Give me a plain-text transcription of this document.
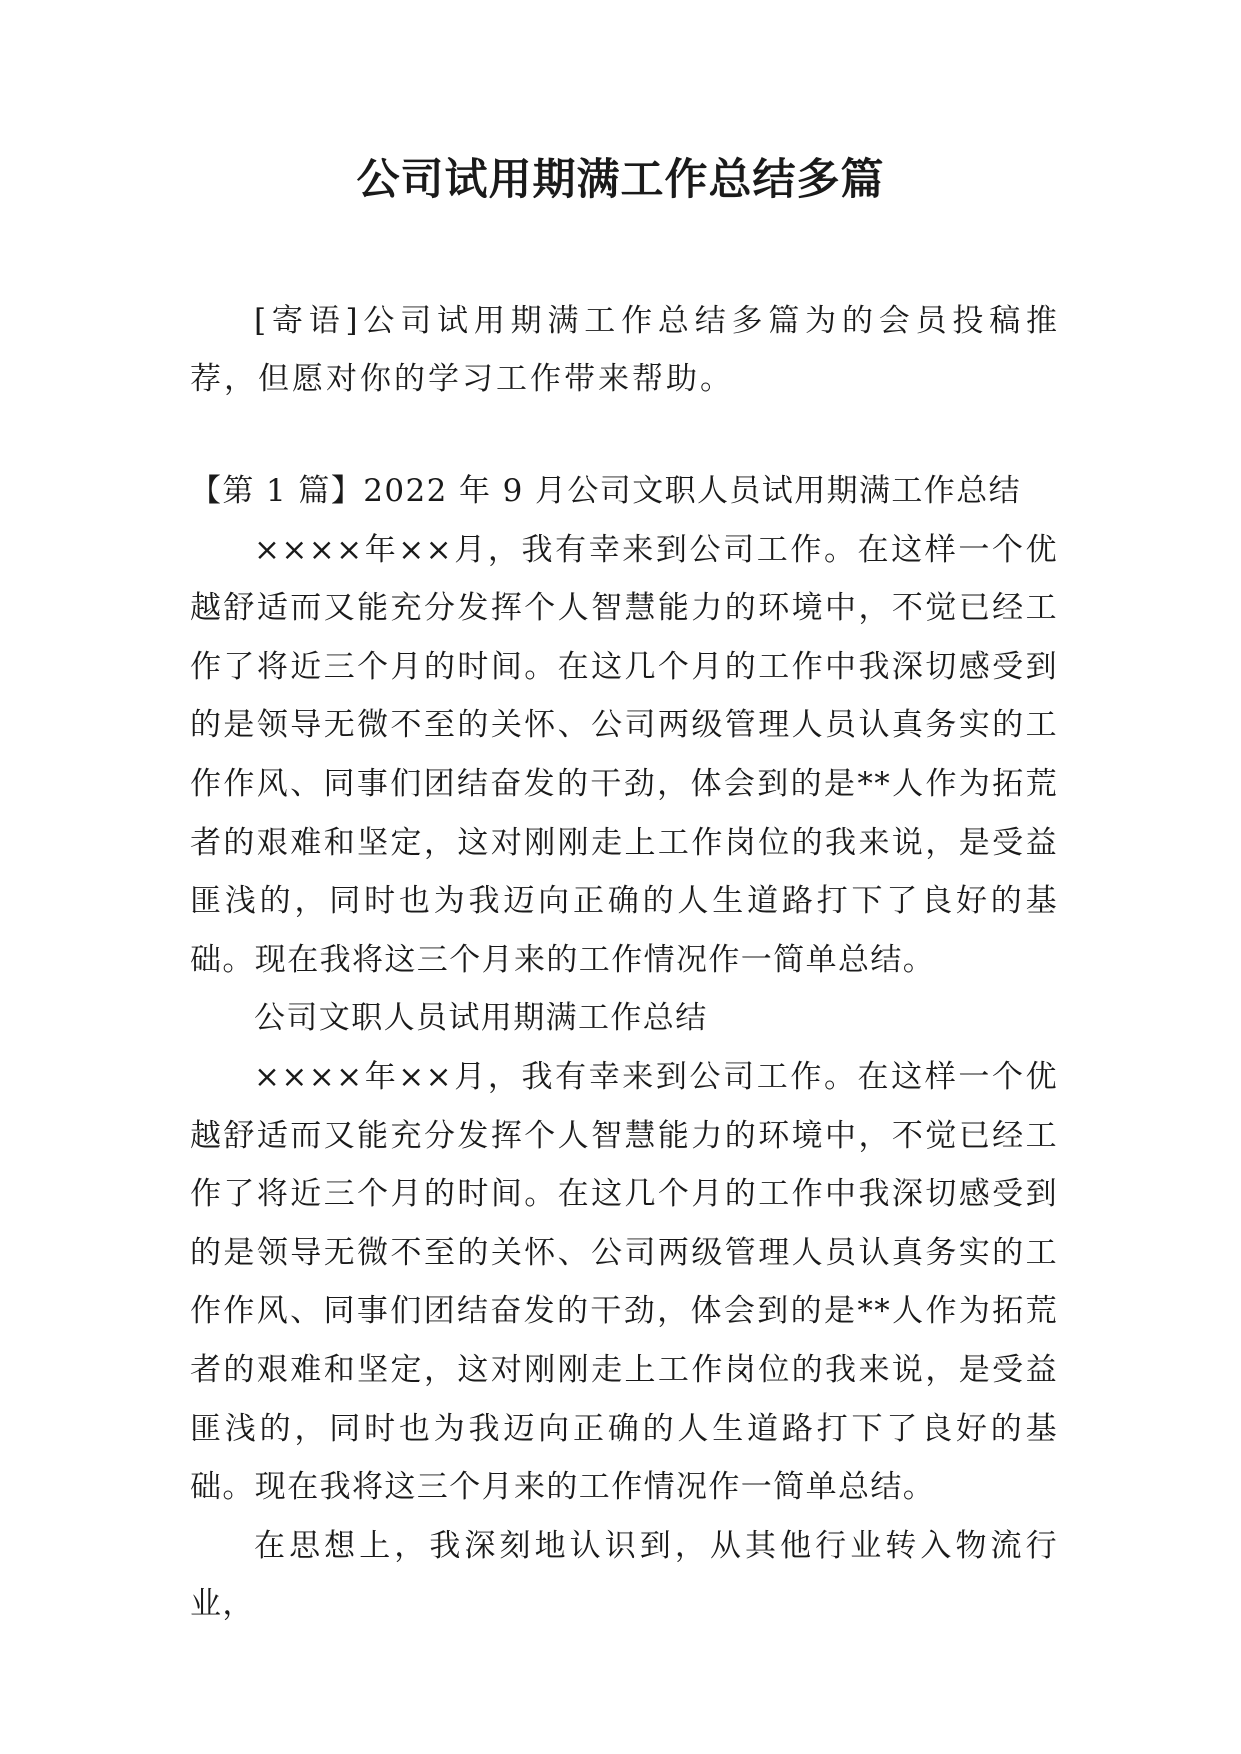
公司试用期满工作总结多篇

[寄语]公司试用期满工作总结多篇为的会员投稿推荐，但愿对你的学习工作带来帮助。

【第 1 篇】2022 年 9 月公司文职人员试用期满工作总结

××××年××月，我有幸来到公司工作。在这样一个优越舒适而又能充分发挥个人智慧能力的环境中，不觉已经工作了将近三个月的时间。在这几个月的工作中我深切感受到的是领导无微不至的关怀、公司两级管理人员认真务实的工作作风、同事们团结奋发的干劲，体会到的是**人作为拓荒者的艰难和坚定，这对刚刚走上工作岗位的我来说，是受益匪浅的，同时也为我迈向正确的人生道路打下了良好的基础。现在我将这三个月来的工作情况作一简单总结。

公司文职人员试用期满工作总结

××××年××月，我有幸来到公司工作。在这样一个优越舒适而又能充分发挥个人智慧能力的环境中，不觉已经工作了将近三个月的时间。在这几个月的工作中我深切感受到的是领导无微不至的关怀、公司两级管理人员认真务实的工作作风、同事们团结奋发的干劲，体会到的是**人作为拓荒者的艰难和坚定，这对刚刚走上工作岗位的我来说，是受益匪浅的，同时也为我迈向正确的人生道路打下了良好的基础。现在我将这三个月来的工作情况作一简单总结。

在思想上，我深刻地认识到，从其他行业转入物流行业，
